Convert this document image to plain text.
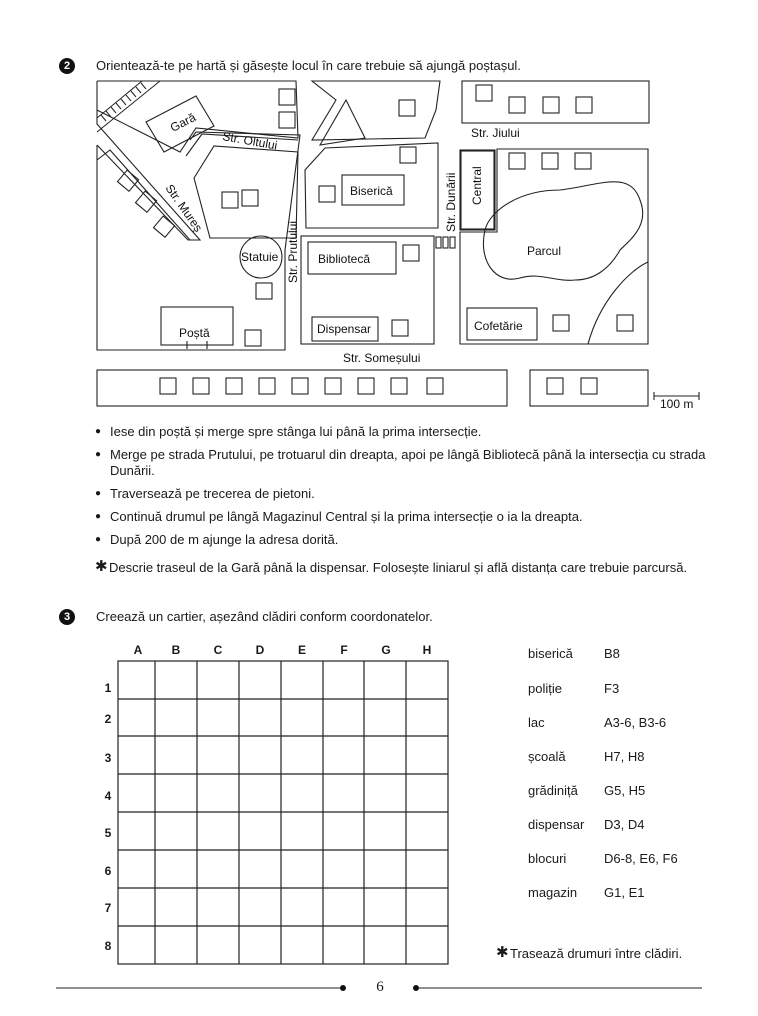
2	Orientează-te pe hartă și găsește locul în care trebuie să ajungă poștașul.
Gară
Str. Oltului
Str. Mureș	Biserică	Str. Dunării Central
Str. Jiului
Parcul
Statuie Str. Prutului Bibliotecă
Dispensar
Poștă	Cofetărie
Str. Someșului
100 m
● Iese din poștă și merge spre stânga lui până la prima intersecție.
● Merge pe strada Prutului, pe trotuarul din dreapta, apoi pe lângă Bibliotecă până la intersecția cu strada Dunării.
● Traversează pe trecerea de pietoni.
● Continuă drumul pe lângă Magazinul Central și la prima intersecție o ia la dreapta.
● După 200 de m ajunge la adresa dorită.
✱ Descrie traseul de la Gară până la dispensar. Folosește liniarul și află distanța care trebuie parcursă.
3	Creează un cartier, așezând clădiri conform coordonatelor.
A	B	C	D	E	F	G	H
1
2
3
4
5
6
7
8
biserică B8
poliție	F3
lac	A3-6, B3-6
școală	H7, H8
grădiniță G5, H5
dispensar D3, D4
blocuri	D6-8, E6, F6
magazin G1, E1
✱ Trasează drumuri între clădiri.
6
